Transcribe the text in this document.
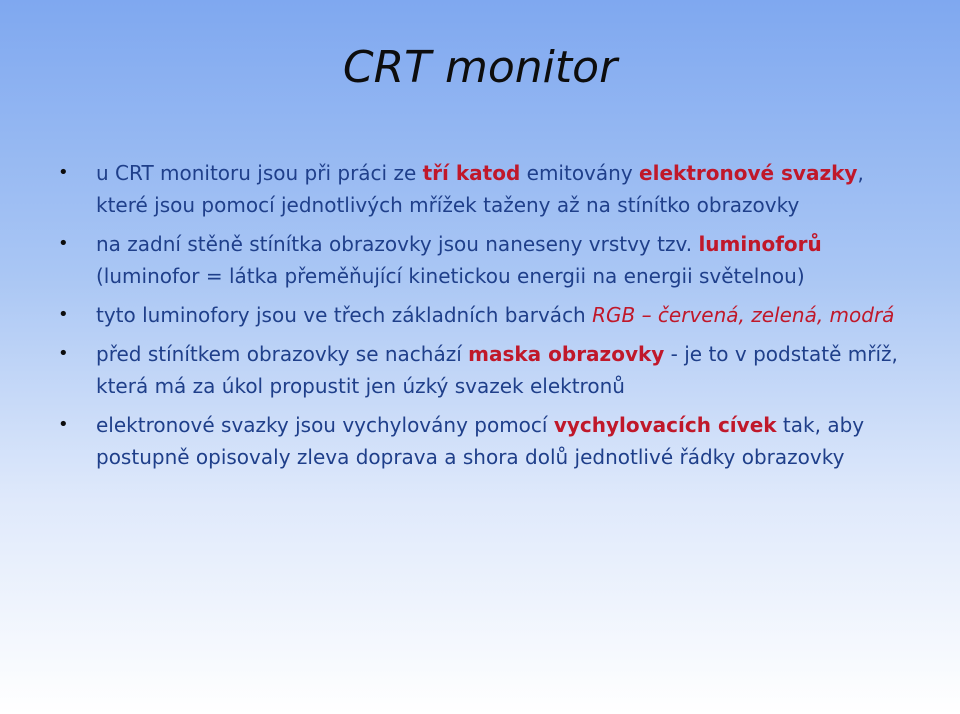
CRT monitor
• u CRT monitoru jsou při práci ze tří katod emitovány elektronové svazky, které jsou pomocí jednotlivých mřížek taženy až na stínítko obrazovky
• na zadní stěně stínítka obrazovky jsou naneseny vrstvy tzv. luminoforů (luminofor = látka přeměňující kinetickou energii na energii světelnou)
• tyto luminofory jsou ve třech základních barvách RGB – červená, zelená, modrá
• před stínítkem obrazovky se nachází maska obrazovky - je to v podstatě mříž, která má za úkol propustit jen úzký svazek elektronů
• elektronové svazky jsou vychylovány pomocí vychylovacích cívek tak, aby postupně opisovaly zleva doprava a shora dolů jednotlivé řádky obrazovky
